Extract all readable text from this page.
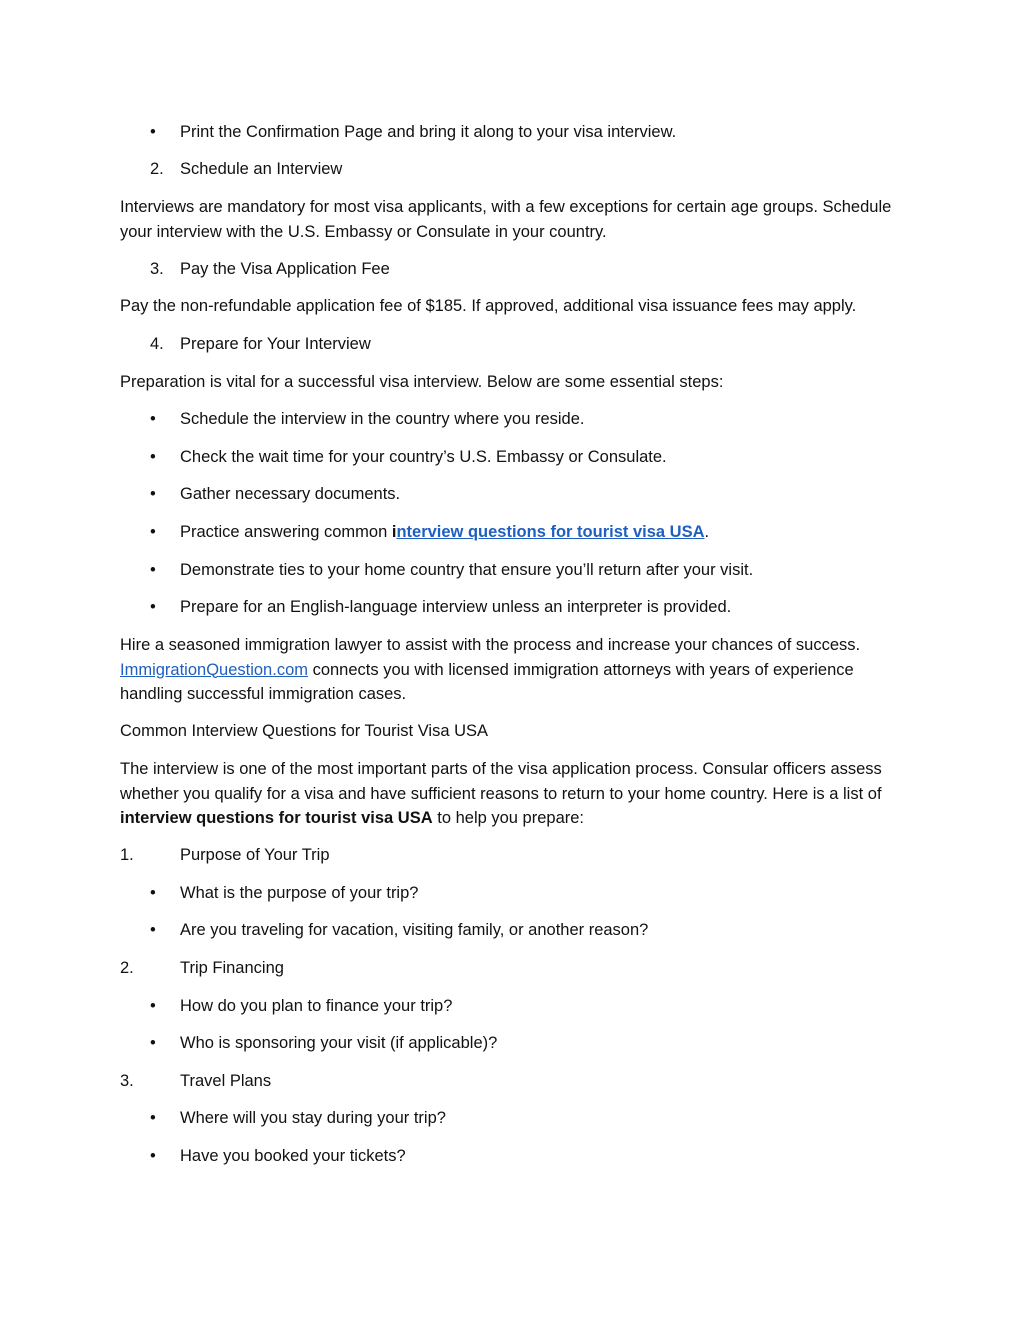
•	Print the Confirmation Page and bring it along to your visa interview.
2. Schedule an Interview
Interviews are mandatory for most visa applicants, with a few exceptions for certain age groups. Schedule your interview with the U.S. Embassy or Consulate in your country.
3. Pay the Visa Application Fee
Pay the non-refundable application fee of $185. If approved, additional visa issuance fees may apply.
4. Prepare for Your Interview
Preparation is vital for a successful visa interview. Below are some essential steps:
•	Schedule the interview in the country where you reside.
•	Check the wait time for your country’s U.S. Embassy or Consulate.
•	Gather necessary documents.
•	Practice answering common interview questions for tourist visa USA.
•	Demonstrate ties to your home country that ensure you’ll return after your visit.
•	Prepare for an English-language interview unless an interpreter is provided.
Hire a seasoned immigration lawyer to assist with the process and increase your chances of success.
ImmigrationQuestion.com connects you with licensed immigration attorneys with years of experience handling successful immigration cases.
Common Interview Questions for Tourist Visa USA
The interview is one of the most important parts of the visa application process. Consular officers assess whether you qualify for a visa and have sufficient reasons to return to your home country. Here is a list of interview questions for tourist visa USA to help you prepare:
1.	Purpose of Your Trip
•	What is the purpose of your trip?
•	Are you traveling for vacation, visiting family, or another reason?
2.	Trip Financing
•	How do you plan to finance your trip?
•	Who is sponsoring your visit (if applicable)?
3.	Travel Plans
•	Where will you stay during your trip?
•	Have you booked your tickets?
